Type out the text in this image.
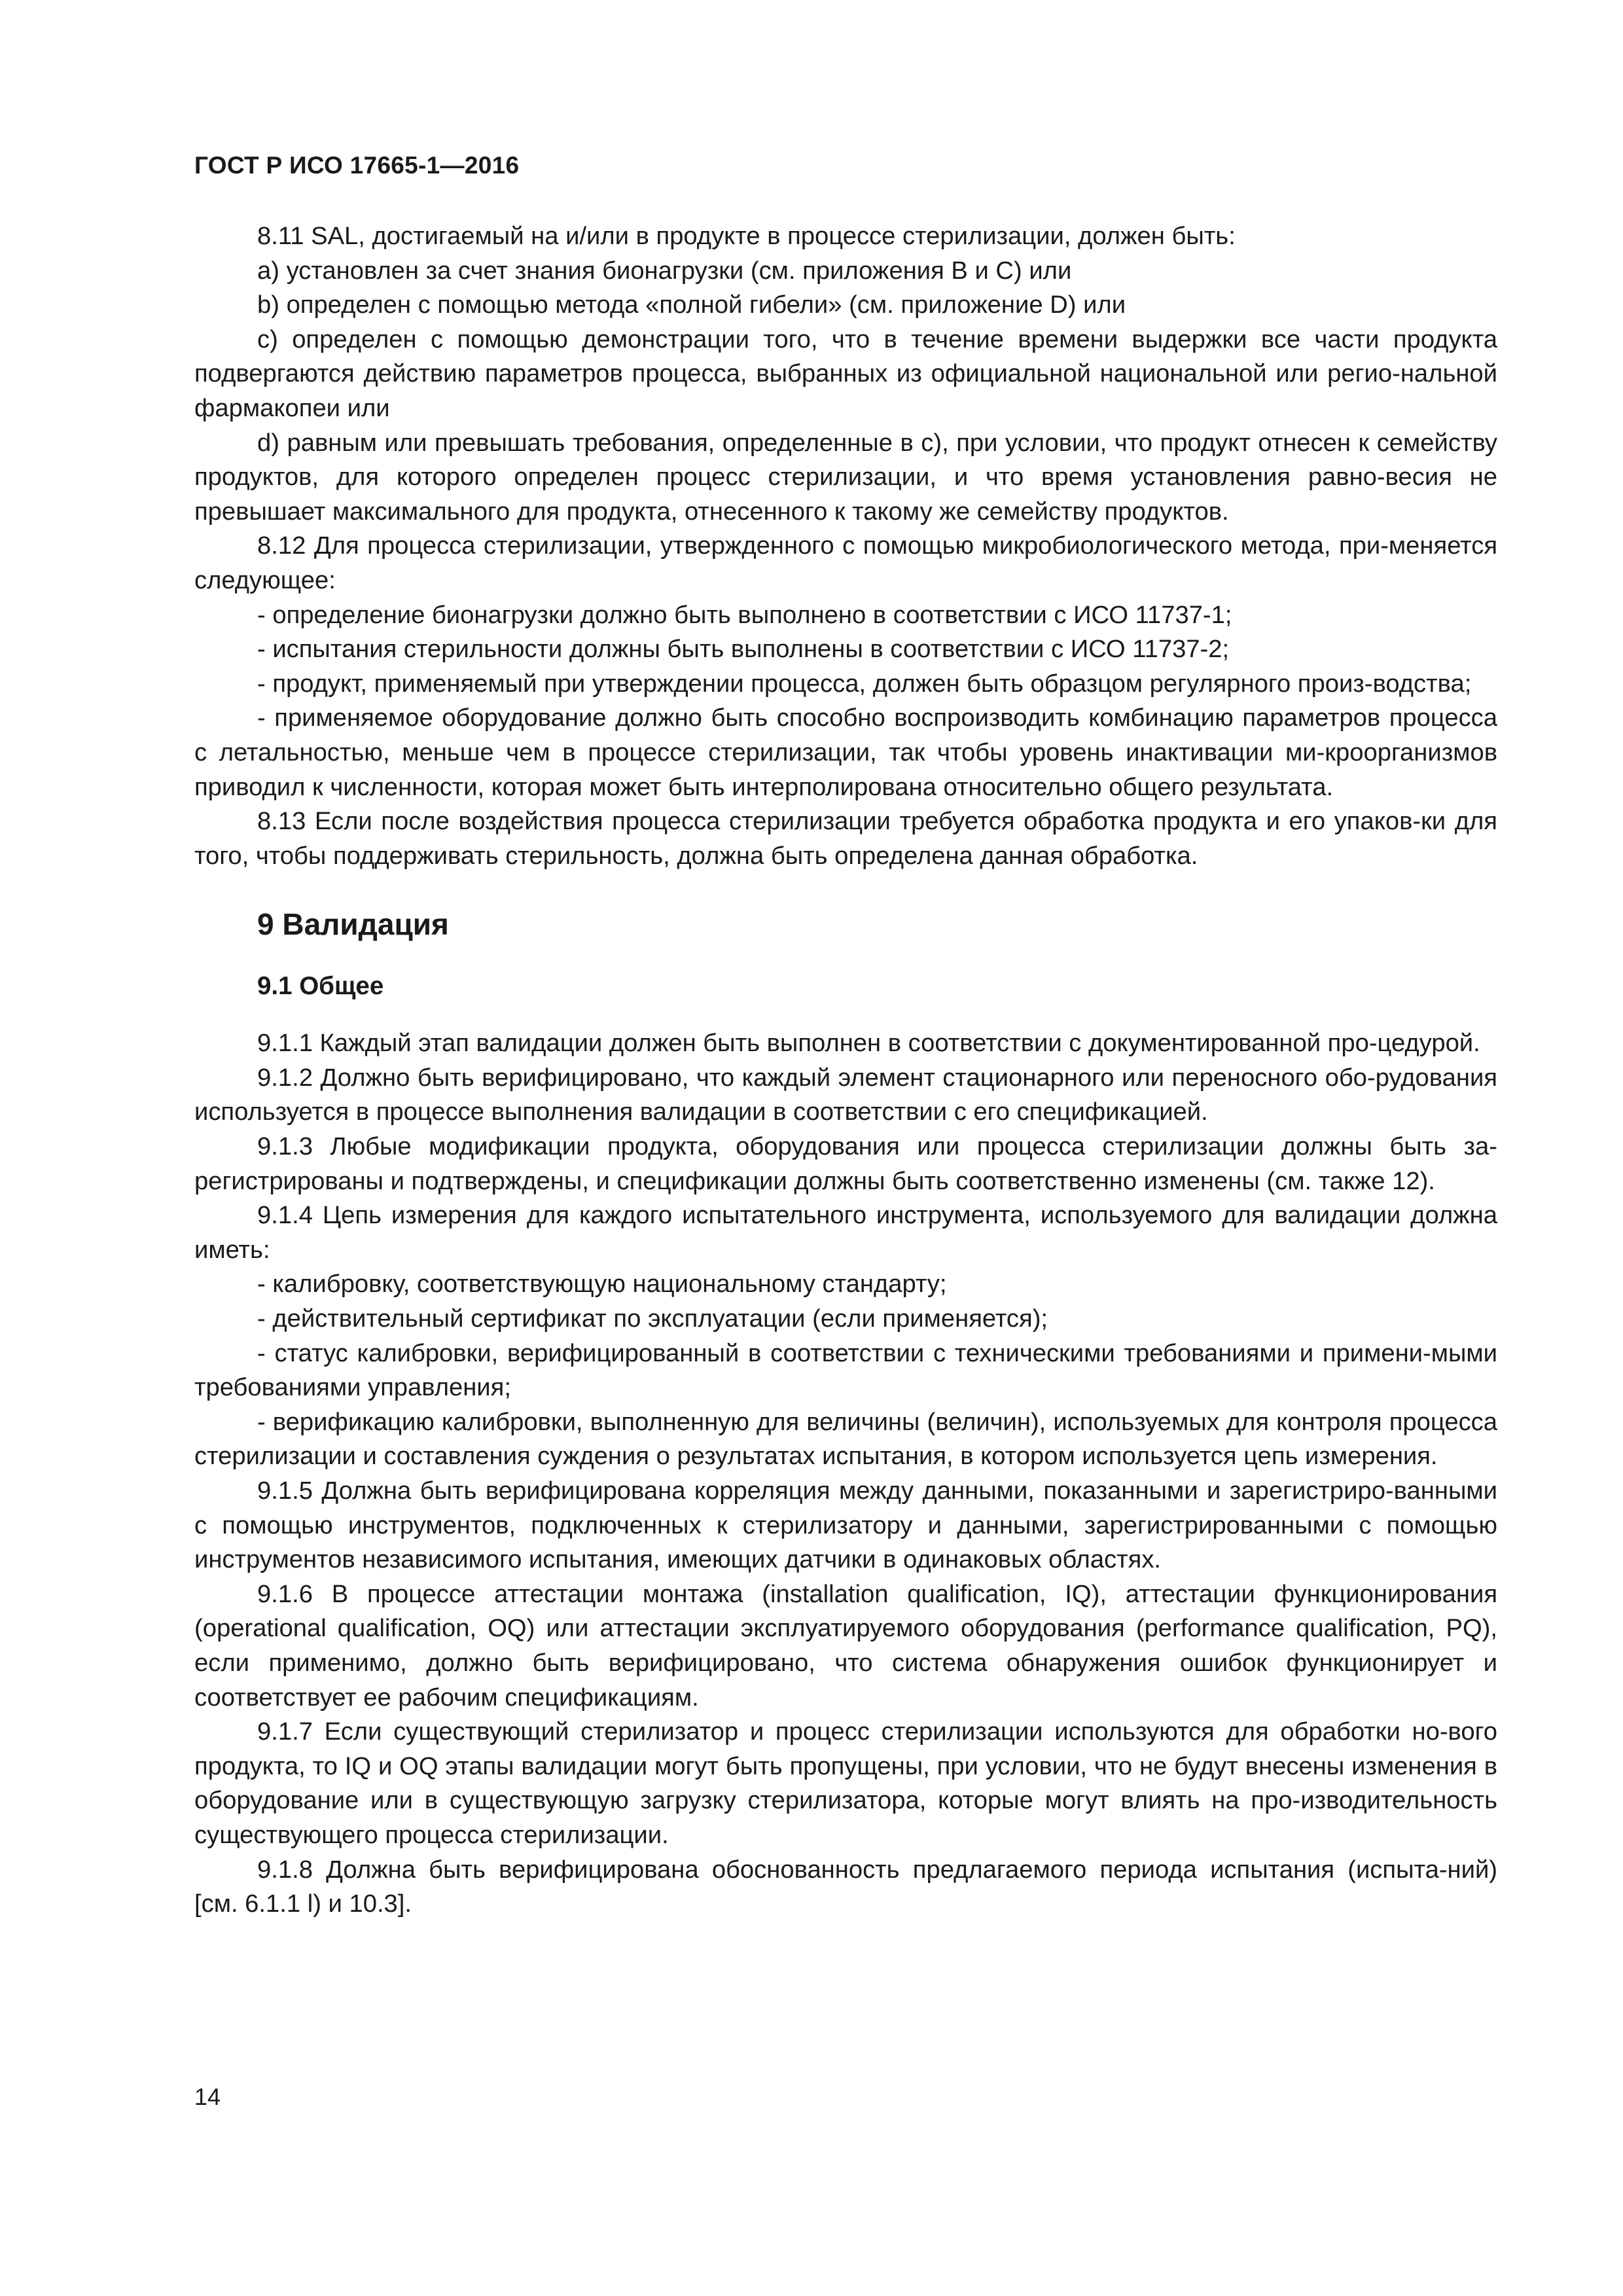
ГОСТ Р ИСО 17665-1—2016

8.11 SAL, достигаемый на и/или в продукте в процессе стерилизации, должен быть:

a) установлен за счет знания бионагрузки (см. приложения В и С) или

b) определен с помощью метода «полной гибели» (см. приложение D) или

c) определен с помощью демонстрации того, что в течение времени выдержки все части продукта подвергаются действию параметров процесса, выбранных из официальной национальной или регио-нальной фармакопеи или

d) равным или превышать требования, определенные в с), при условии, что продукт отнесен к семейству продуктов, для которого определен процесс стерилизации, и что время установления равно-весия не превышает максимального для продукта, отнесенного к такому же семейству продуктов.

8.12 Для процесса стерилизации, утвержденного с помощью микробиологического метода, при-меняется следующее:

- определение бионагрузки должно быть выполнено в соответствии с ИСО 11737-1;

- испытания стерильности должны быть выполнены в соответствии с ИСО 11737-2;

- продукт, применяемый при утверждении процесса, должен быть образцом регулярного произ-водства;

- применяемое оборудование должно быть способно воспроизводить комбинацию параметров процесса с летальностью, меньше чем в процессе стерилизации, так чтобы уровень инактивации ми-кроорганизмов приводил к численности, которая может быть интерполирована относительно общего результата.

8.13 Если после воздействия процесса стерилизации требуется обработка продукта и его упаков-ки для того, чтобы поддерживать стерильность, должна быть определена данная обработка.

9 Валидация
9.1 Общее

9.1.1 Каждый этап валидации должен быть выполнен в соответствии с документированной про-цедурой.

9.1.2 Должно быть верифицировано, что каждый элемент стационарного или переносного обо-рудования используется в процессе выполнения валидации в соответствии с его спецификацией.

9.1.3 Любые модификации продукта, оборудования или процесса стерилизации должны быть за-регистрированы и подтверждены, и спецификации должны быть соответственно изменены (см. также 12).

9.1.4 Цепь измерения для каждого испытательного инструмента, используемого для валидации должна иметь:

- калибровку, соответствующую национальному стандарту;

- действительный сертификат по эксплуатации (если применяется);

- статус калибровки, верифицированный в соответствии с техническими требованиями и примени-мыми требованиями управления;

- верификацию калибровки, выполненную для величины (величин), используемых для контроля процесса стерилизации и составления суждения о результатах испытания, в котором используется цепь измерения.

9.1.5 Должна быть верифицирована корреляция между данными, показанными и зарегистриро-ванными с помощью инструментов, подключенных к стерилизатору и данными, зарегистрированными с помощью инструментов независимого испытания, имеющих датчики в одинаковых областях.

9.1.6 В процессе аттестации монтажа (installation qualification, IQ), аттестации функционирования (operational qualification, OQ) или аттестации эксплуатируемого оборудования (performance qualification, PQ), если применимо, должно быть верифицировано, что система обнаружения ошибок функционирует и соответствует ее рабочим спецификациям.

9.1.7 Если существующий стерилизатор и процесс стерилизации используются для обработки но-вого продукта, то IQ и OQ этапы валидации могут быть пропущены, при условии, что не будут внесены изменения в оборудование или в существующую загрузку стерилизатора, которые могут влиять на про-изводительность существующего процесса стерилизации.

9.1.8 Должна быть верифицирована обоснованность предлагаемого периода испытания (испыта-ний) [см. 6.1.1 l) и 10.3].

14
